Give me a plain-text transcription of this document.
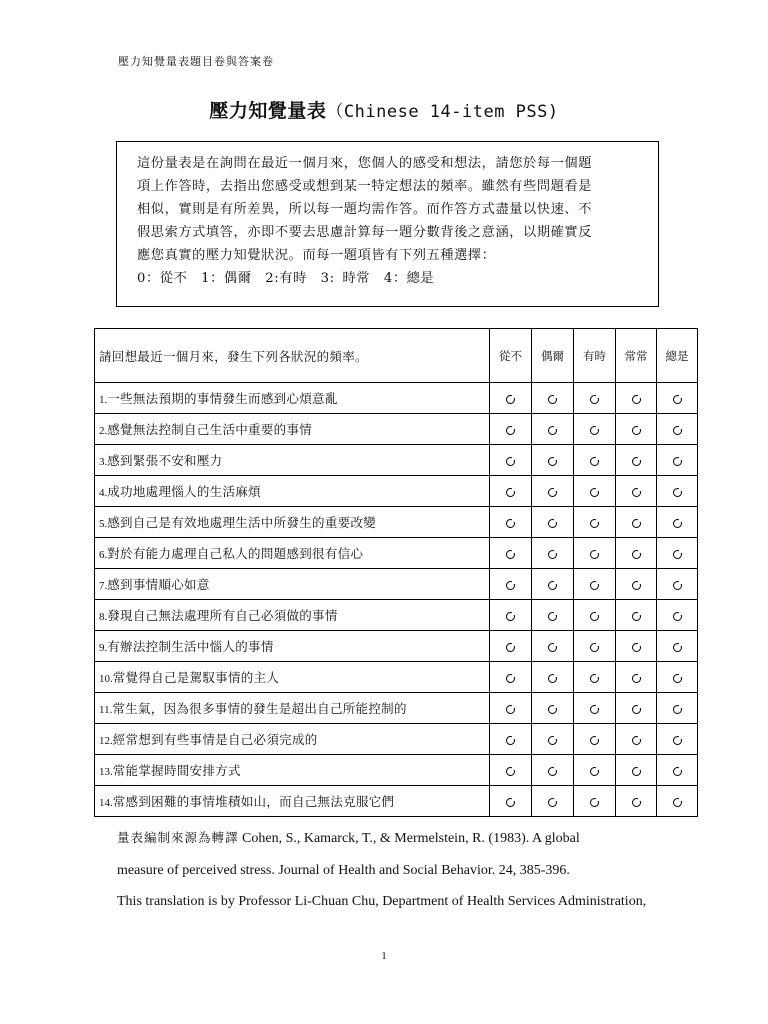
壓力知覺量表題目卷與答案卷
壓力知覺量表（Chinese 14-item PSS)
這份量表是在詢問在最近一個月來，您個人的感受和想法，請您於每一個題
項上作答時，去指出您感受或想到某一特定想法的頻率。雖然有些問題看是
相似，實則是有所差異，所以每一題均需作答。而作答方式盡量以快速、不
假思索方式填答，亦即不要去思慮計算每一題分數背後之意涵，以期確實反
應您真實的壓力知覺狀況。而每一題項皆有下列五種選擇：
0：從不　1：偶爾　2:有時　3: 時常　4：總是
請回想最近一個月來，發生下列各狀況的頻率。	從不	偶爾	有時	常常	總是
1.一些無法預期的事情發生而感到心煩意亂					
2.感覺無法控制自己生活中重要的事情					
3.感到緊張不安和壓力					
4.成功地處理惱人的生活麻煩					
5.感到自己是有效地處理生活中所發生的重要改變					
6.對於有能力處理自己私人的問題感到很有信心					
7.感到事情順心如意					
8.發現自己無法處理所有自己必須做的事情					
9.有辦法控制生活中惱人的事情					
10.常覺得自己是駕馭事情的主人					
11.常生氣，因為很多事情的發生是超出自己所能控制的					
12.經常想到有些事情是自己必須完成的					
13.常能掌握時間安排方式					
14.常感到困難的事情堆積如山，而自己無法克服它們					
量表編制來源為轉譯 Cohen, S., Kamarck, T., & Mermelstein, R. (1983). A global
measure of perceived stress. Journal of Health and Social Behavior. 24, 385-396.
This translation is by Professor Li-Chuan Chu, Department of Health Services Administration,
1
